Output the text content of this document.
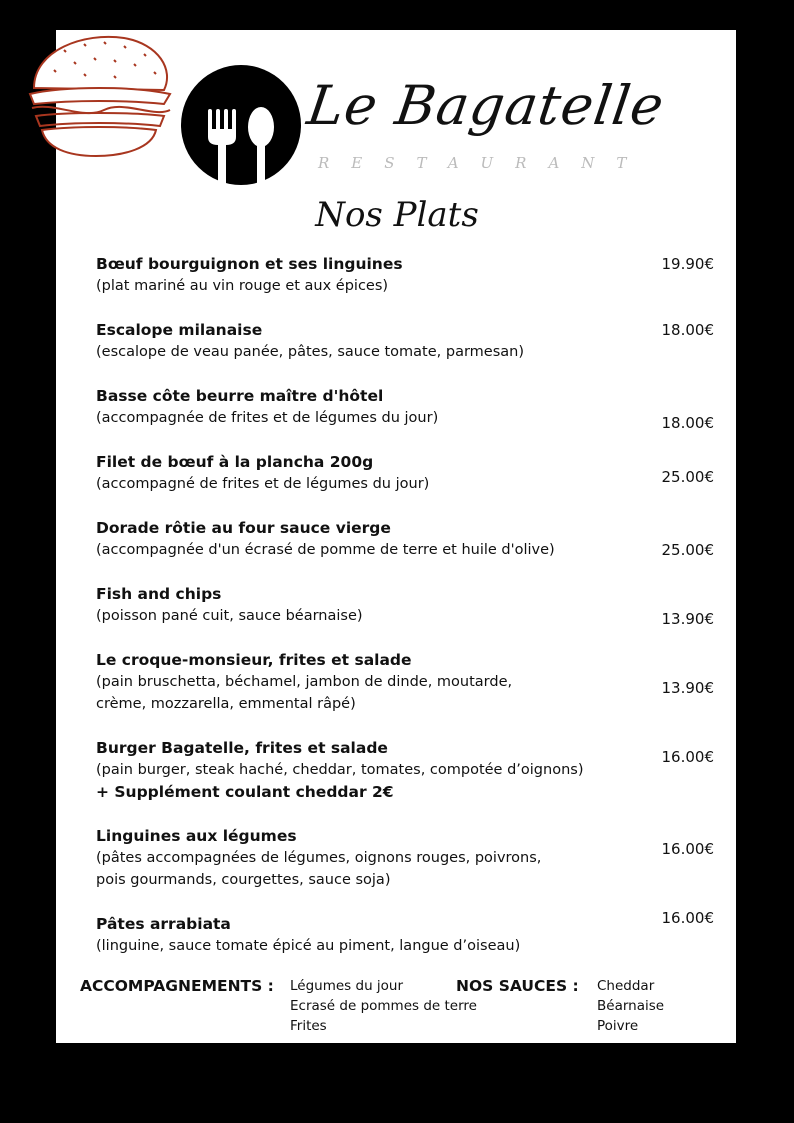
Le Bagatelle
RESTAURANT
Nos Plats
Bœuf bourguignon et ses linguines
(plat mariné au vin rouge et aux épices)
19.90€
Escalope milanaise
(escalope de veau panée, pâtes, sauce tomate, parmesan)
18.00€
Basse côte beurre maître d'hôtel
(accompagnée de frites et de légumes du jour)	18.00€
Filet de bœuf à la plancha 200g
(accompagné de frites et de légumes du jour)	25.00€
Dorade rôtie au four sauce vierge
(accompagnée d'un écrasé de pomme de terre et huile d'olive)	25.00€
Fish and chips
(poisson pané cuit, sauce béarnaise)	13.90€
Le croque-monsieur, frites et salade
(pain bruschetta, béchamel, jambon de dinde, moutarde,
crème, mozzarella, emmental râpé)
13.90€
Burger Bagatelle, frites et salade
(pain burger, steak haché, cheddar, tomates, compotée d’oignons)
+ Supplément coulant cheddar 2€
16.00€
Linguines aux légumes
(pâtes accompagnées de légumes, oignons rouges, poivrons,
pois gourmands, courgettes, sauce soja)
16.00€
Pâtes arrabiata
(linguine, sauce tomate épicé au piment, langue d’oiseau)
16.00€
ACCOMPAGNEMENTS : Légumes du jour
Ecrasé de pommes de terre
Frites
NOS SAUCES : Cheddar
Béarnaise
Poivre
